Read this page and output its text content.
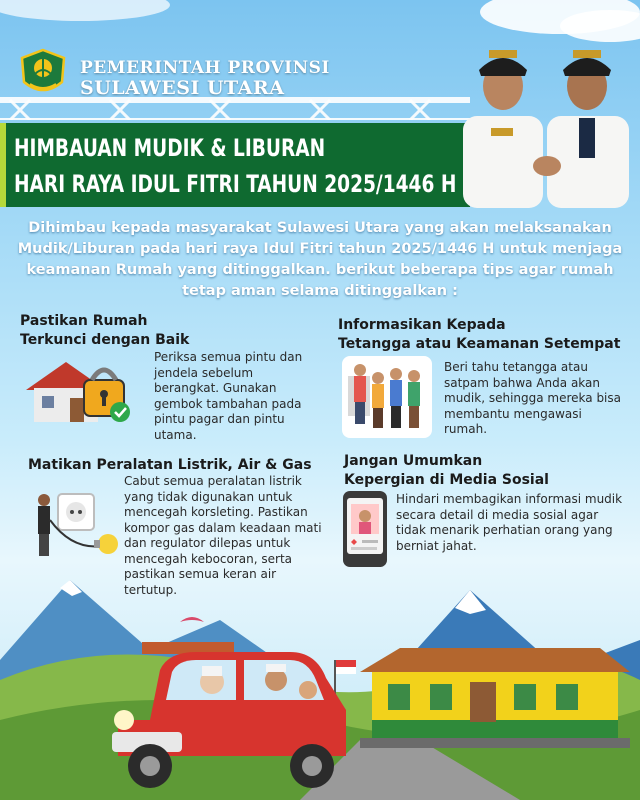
PEMERINTAH PROVINSI
SULAWESI UTARA
HIMBAUAN MUDIK & LIBURAN
HARI RAYA IDUL FITRI TAHUN 2025/1446 H
Dihimbau kepada masyarakat Sulawesi Utara yang akan melaksanakan Mudik/Liburan pada hari raya Idul Fitri tahun 2025/1446 H untuk menjaga keamanan Rumah yang ditinggalkan. berikut beberapa tips agar rumah tetap aman selama ditinggalkan :
Pastikan Rumah
Terkunci dengan Baik
Periksa semua pintu dan jendela sebelum berangkat. Gunakan gembok tambahan pada pintu pagar dan pintu utama.
Informasikan Kepada
Tetangga atau Keamanan Setempat
Beri tahu tetangga atau satpam bahwa Anda akan mudik, sehingga mereka bisa membantu mengawasi rumah.
Matikan Peralatan Listrik, Air & Gas
Cabut semua peralatan listrik yang tidak digunakan untuk mencegah korsleting. Pastikan kompor gas dalam keadaan mati dan regulator dilepas untuk mencegah kebocoran, serta pastikan semua keran air tertutup.
Jangan Umumkan
Kepergian di Media Sosial
Hindari membagikan informasi mudik secara detail di media sosial agar tidak menarik perhatian orang yang berniat jahat.
